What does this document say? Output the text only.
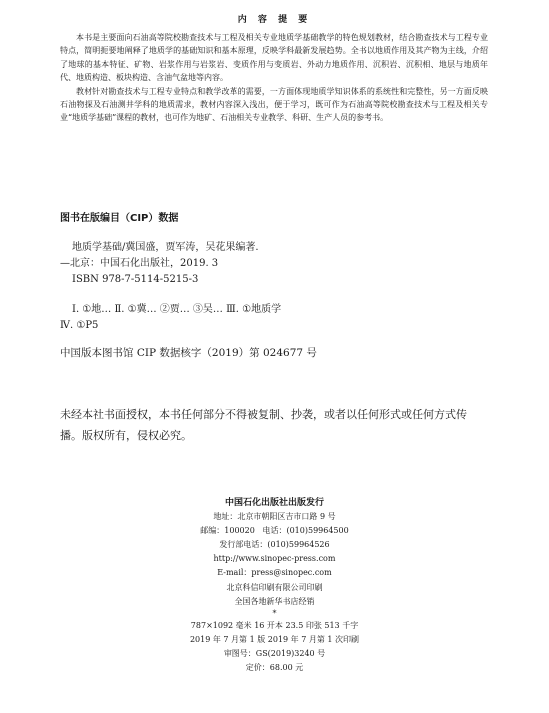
内 容 提 要

本书是主要面向石油高等院校勘查技术与工程及相关专业地质学基础教学的特色规划教材，结合勘查技术与工程专业特点，简明扼要地阐释了地质学的基础知识和基本原理，反映学科最新发展趋势。全书以地质作用及其产物为主线，介绍了地球的基本特征、矿物、岩浆作用与岩浆岩、变质作用与变质岩、外动力地质作用、沉积岩、沉积相、地层与地质年代、地质构造、板块构造、含油气盆地等内容。

教材针对勘查技术与工程专业特点和教学改革的需要，一方面体现地质学知识体系的系统性和完整性，另一方面反映石油物探及石油测井学科的地质需求，教材内容深入浅出，便于学习，既可作为石油高等院校勘查技术与工程及相关专业“地质学基础”课程的教材，也可作为地矿、石油相关专业教学、科研、生产人员的参考书。

图书在版编目（CIP）数据

地质学基础/冀国盛，贾军涛，吴花果编著.

—北京：中国石化出版社，2019. 3

ISBN 978-7-5114-5215-3

Ⅰ. ①地… Ⅱ. ①冀… ②贾… ③吴… Ⅲ. ①地质学

Ⅳ. ①P5

中国版本图书馆 CIP 数据核字（2019）第 024677 号
未经本社书面授权，本书任何部分不得被复制、抄袭，或者以任何形式或任何方式传播。版权所有，侵权必究。
中国石化出版社出版发行
地址：北京市朝阳区吉市口路 9 号
邮编：100020 电话：(010)59964500
发行部电话：(010)59964526
http://www.sinopec-press.com
E-mail：press@sinopec.com
北京科信印刷有限公司印刷
全国各地新华书店经销
*
787×1092 毫米 16 开本 23.5 印张 513 千字
2019 年 7 月第 1 版 2019 年 7 月第 1 次印刷
审图号：GS(2019)3240 号
定价：68.00 元
